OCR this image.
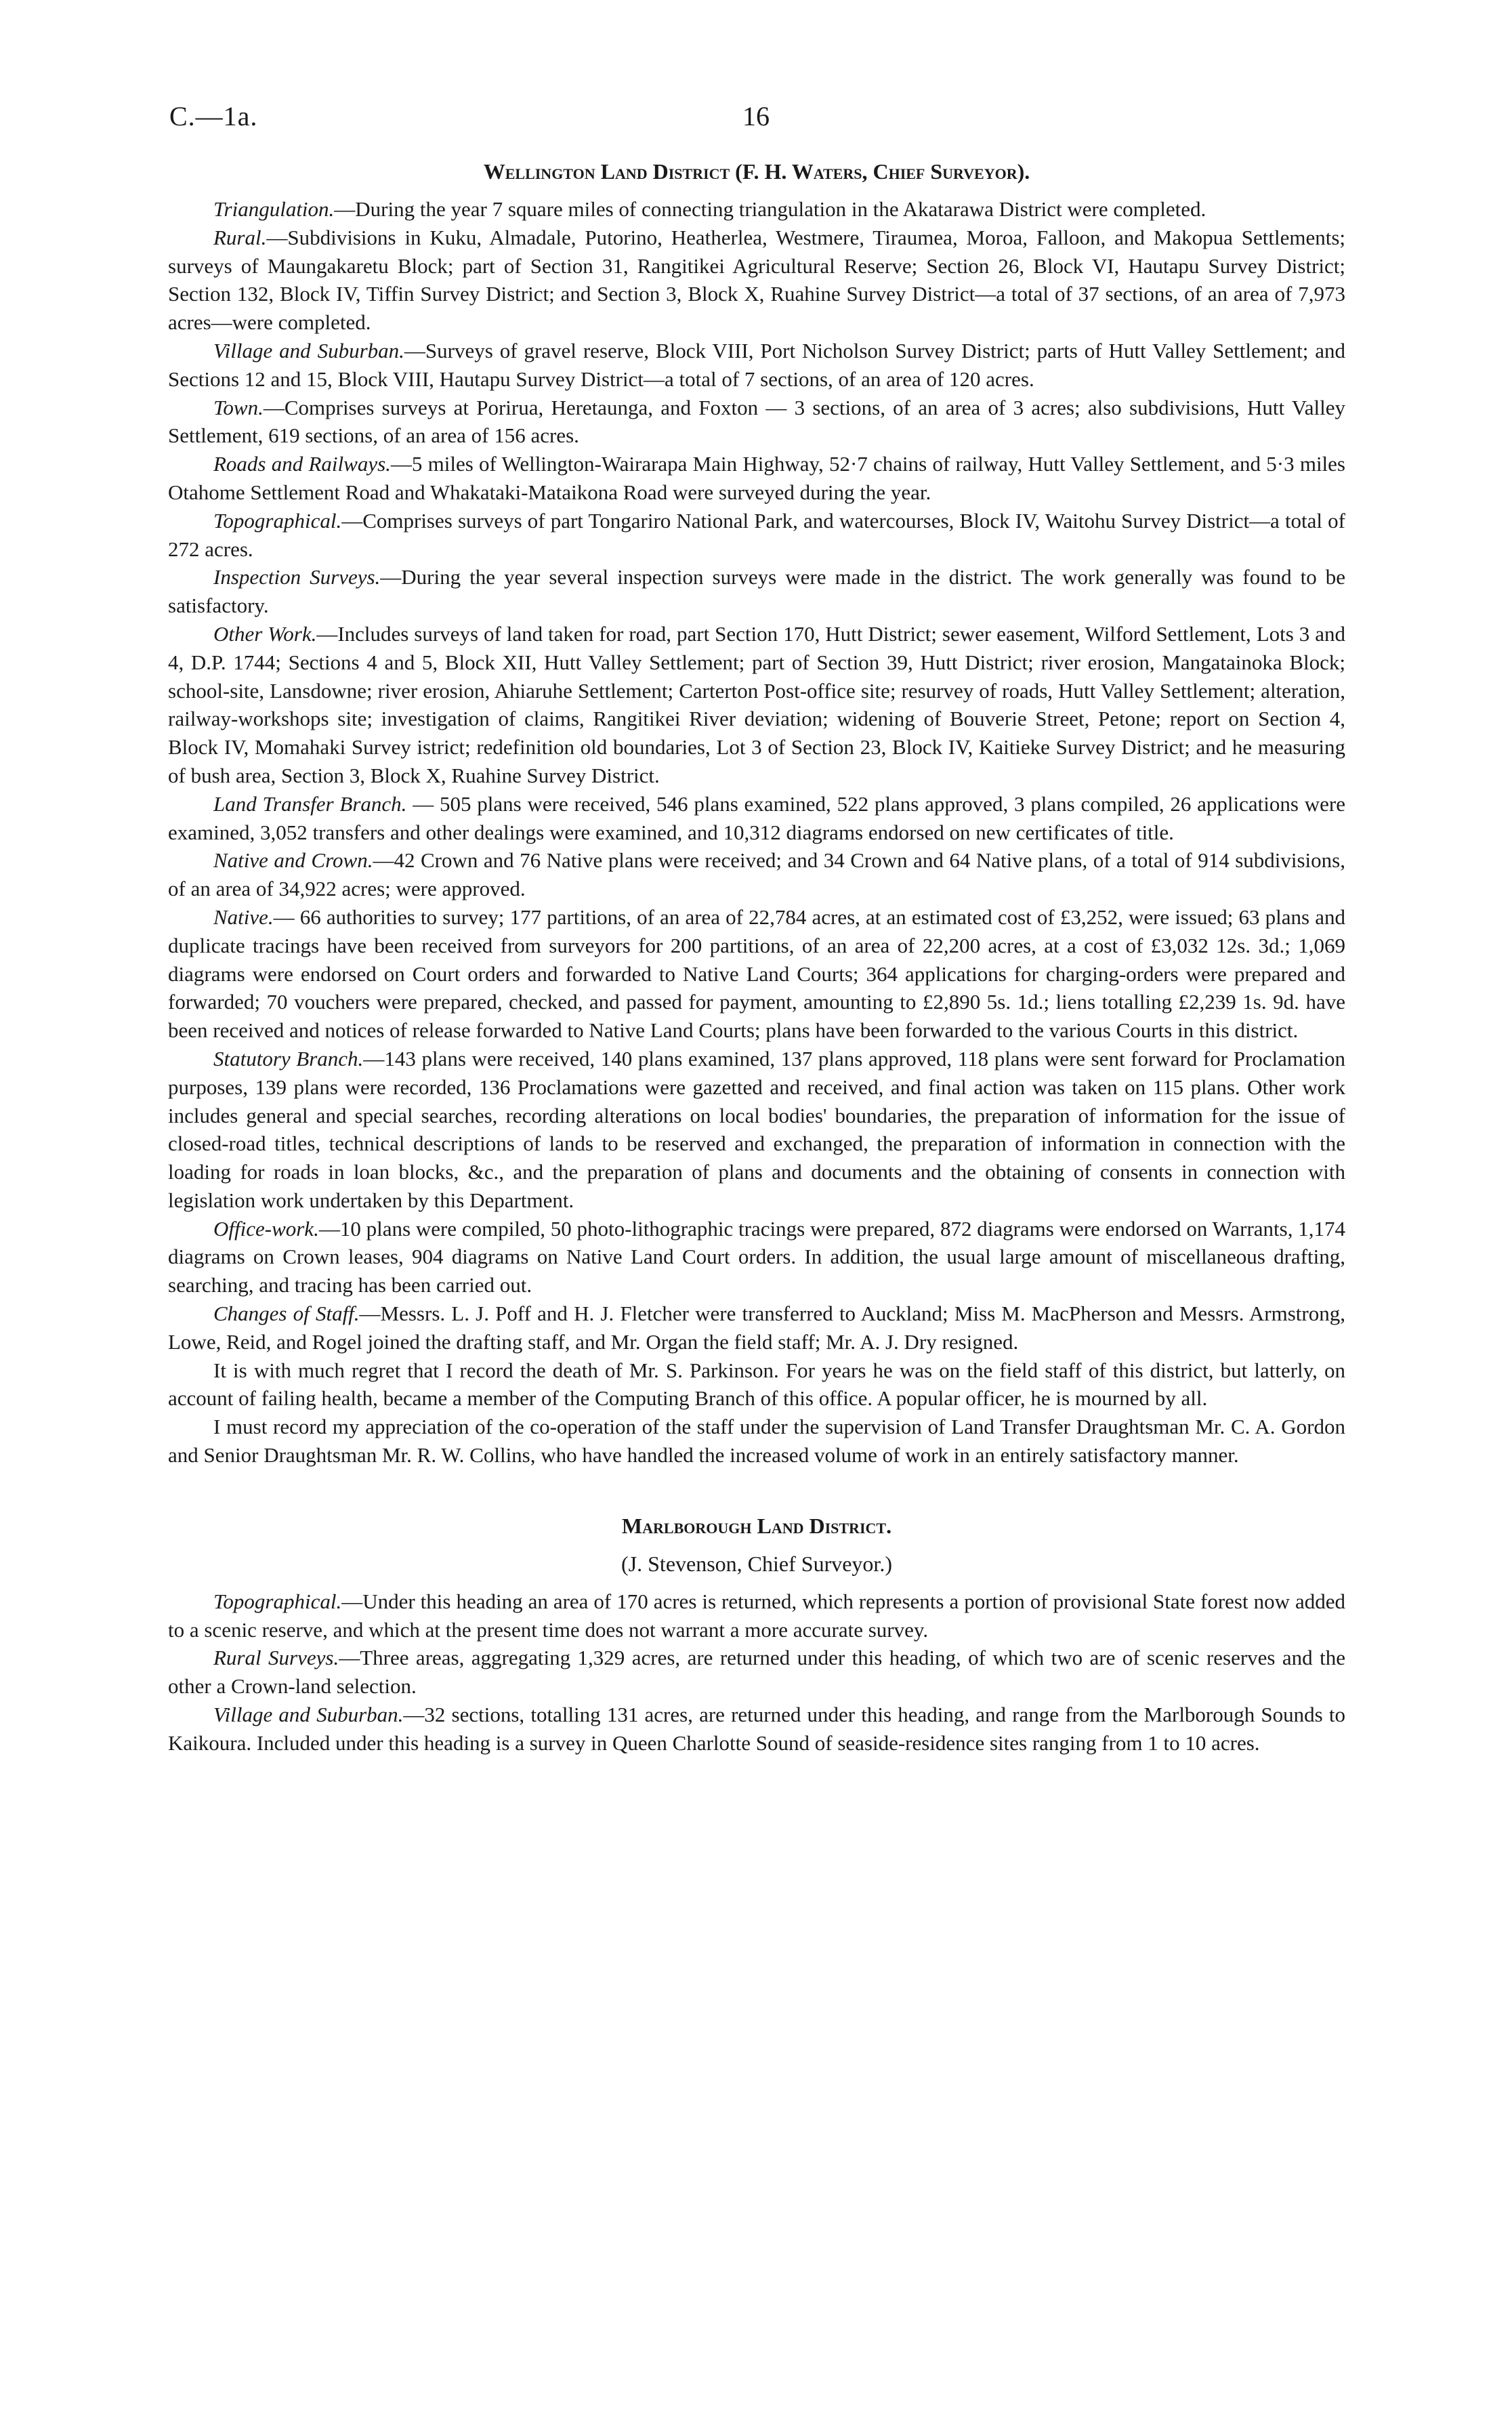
C.—1a.	16
Wellington Land District (F. H. Waters, Chief Surveyor).

Triangulation.—During the year 7 square miles of connecting triangulation in the Akatarawa District were completed.

Rural.—Subdivisions in Kuku, Almadale, Putorino, Heatherlea, Westmere, Tiraumea, Moroa, Falloon, and Makopua Settlements; surveys of Maungakaretu Block; part of Section 31, Rangitikei Agricultural Reserve; Section 26, Block VI, Hautapu Survey District; Section 132, Block IV, Tiffin Survey District; and Section 3, Block X, Ruahine Survey District—a total of 37 sections, of an area of 7,973 acres—were completed.

Village and Suburban.—Surveys of gravel reserve, Block VIII, Port Nicholson Survey District; parts of Hutt Valley Settlement; and Sections 12 and 15, Block VIII, Hautapu Survey District—a total of 7 sections, of an area of 120 acres.

Town.—Comprises surveys at Porirua, Heretaunga, and Foxton — 3 sections, of an area of 3 acres; also subdivisions, Hutt Valley Settlement, 619 sections, of an area of 156 acres.

Roads and Railways.—5 miles of Wellington-Wairarapa Main Highway, 52·7 chains of railway, Hutt Valley Settlement, and 5·3 miles Otahome Settlement Road and Whakataki-Mataikona Road were surveyed during the year.

Topographical.—Comprises surveys of part Tongariro National Park, and watercourses, Block IV, Waitohu Survey District—a total of 272 acres.

Inspection Surveys.—During the year several inspection surveys were made in the district. The work generally was found to be satisfactory.

Other Work.—Includes surveys of land taken for road, part Section 170, Hutt District; sewer easement, Wilford Settlement, Lots 3 and 4, D.P. 1744; Sections 4 and 5, Block XII, Hutt Valley Settlement; part of Section 39, Hutt District; river erosion, Mangatainoka Block; school-site, Lansdowne; river erosion, Ahiaruhe Settlement; Carterton Post-office site; resurvey of roads, Hutt Valley Settlement; alteration, railway-workshops site; investigation of claims, Rangitikei River deviation; widening of Bouverie Street, Petone; report on Section 4, Block IV, Momahaki Survey istrict; redefinition old boundaries, Lot 3 of Section 23, Block IV, Kaitieke Survey District; and he measuring of bush area, Section 3, Block X, Ruahine Survey District.

Land Transfer Branch. — 505 plans were received, 546 plans examined, 522 plans approved, 3 plans compiled, 26 applications were examined, 3,052 transfers and other dealings were examined, and 10,312 diagrams endorsed on new certificates of title.

Native and Crown.—42 Crown and 76 Native plans were received; and 34 Crown and 64 Native plans, of a total of 914 subdivisions, of an area of 34,922 acres; were approved.

Native.— 66 authorities to survey; 177 partitions, of an area of 22,784 acres, at an estimated cost of £3,252, were issued; 63 plans and duplicate tracings have been received from surveyors for 200 partitions, of an area of 22,200 acres, at a cost of £3,032 12s. 3d.; 1,069 diagrams were endorsed on Court orders and forwarded to Native Land Courts; 364 applications for charging-orders were prepared and forwarded; 70 vouchers were prepared, checked, and passed for payment, amounting to £2,890 5s. 1d.; liens totalling £2,239 1s. 9d. have been received and notices of release forwarded to Native Land Courts; plans have been forwarded to the various Courts in this district.

Statutory Branch.—143 plans were received, 140 plans examined, 137 plans approved, 118 plans were sent forward for Proclamation purposes, 139 plans were recorded, 136 Proclamations were gazetted and received, and final action was taken on 115 plans. Other work includes general and special searches, recording alterations on local bodies' boundaries, the preparation of information for the issue of closed-road titles, technical descriptions of lands to be reserved and exchanged, the preparation of information in connection with the loading for roads in loan blocks, &c., and the preparation of plans and documents and the obtaining of consents in connection with legislation work undertaken by this Department.

Office-work.—10 plans were compiled, 50 photo-lithographic tracings were prepared, 872 diagrams were endorsed on Warrants, 1,174 diagrams on Crown leases, 904 diagrams on Native Land Court orders. In addition, the usual large amount of miscellaneous drafting, searching, and tracing has been carried out.

Changes of Staff.—Messrs. L. J. Poff and H. J. Fletcher were transferred to Auckland; Miss M. MacPherson and Messrs. Armstrong, Lowe, Reid, and Rogel joined the drafting staff, and Mr. Organ the field staff; Mr. A. J. Dry resigned.

It is with much regret that I record the death of Mr. S. Parkinson. For years he was on the field staff of this district, but latterly, on account of failing health, became a member of the Computing Branch of this office. A popular officer, he is mourned by all.

I must record my appreciation of the co-operation of the staff under the supervision of Land Transfer Draughtsman Mr. C. A. Gordon and Senior Draughtsman Mr. R. W. Collins, who have handled the increased volume of work in an entirely satisfactory manner.

Marlborough Land District.
(J. Stevenson, Chief Surveyor.)

Topographical.—Under this heading an area of 170 acres is returned, which represents a portion of provisional State forest now added to a scenic reserve, and which at the present time does not warrant a more accurate survey.

Rural Surveys.—Three areas, aggregating 1,329 acres, are returned under this heading, of which two are of scenic reserves and the other a Crown-land selection.

Village and Suburban.—32 sections, totalling 131 acres, are returned under this heading, and range from the Marlborough Sounds to Kaikoura. Included under this heading is a survey in Queen Charlotte Sound of seaside-residence sites ranging from 1 to 10 acres.
